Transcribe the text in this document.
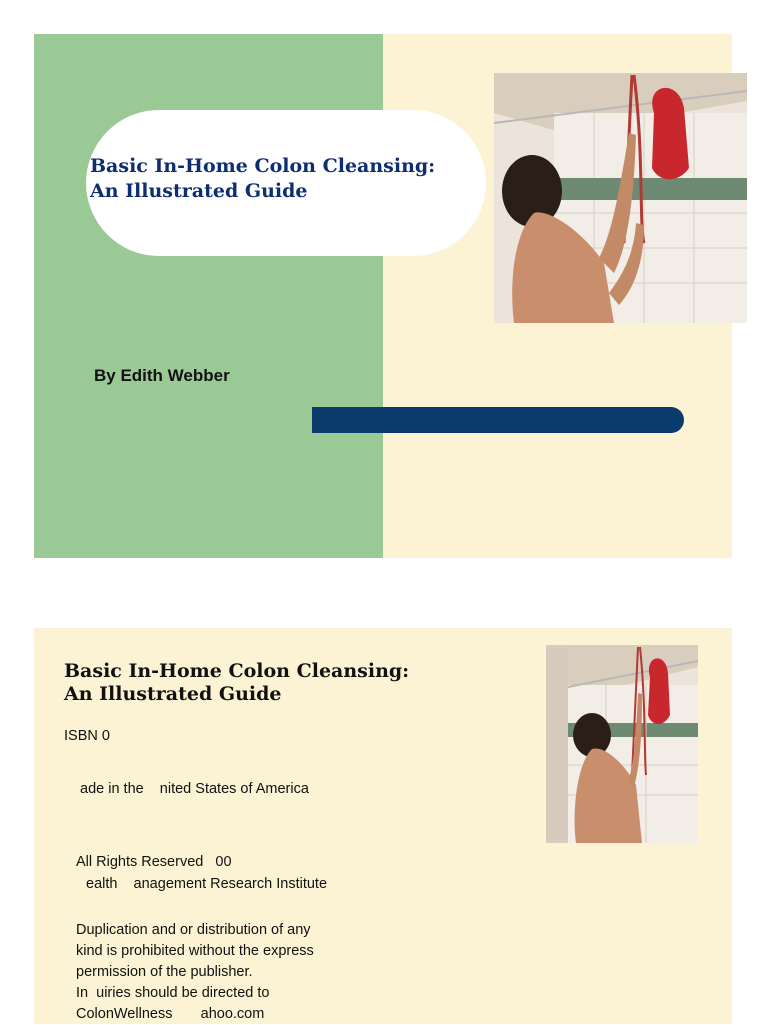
Basic In-Home Colon Cleansing:
An Illustrated Guide
By Edith Webber
Basic In-Home Colon Cleansing:
An Illustrated Guide
ISBN 0
ade in the    nited States of America
All Rights Reserved   00
ealth    anagement Research Institute
Duplication and or distribution of any
kind is prohibited without the express
permission of the publisher.
In  uiries should be directed to
ColonWellness       ahoo.com
